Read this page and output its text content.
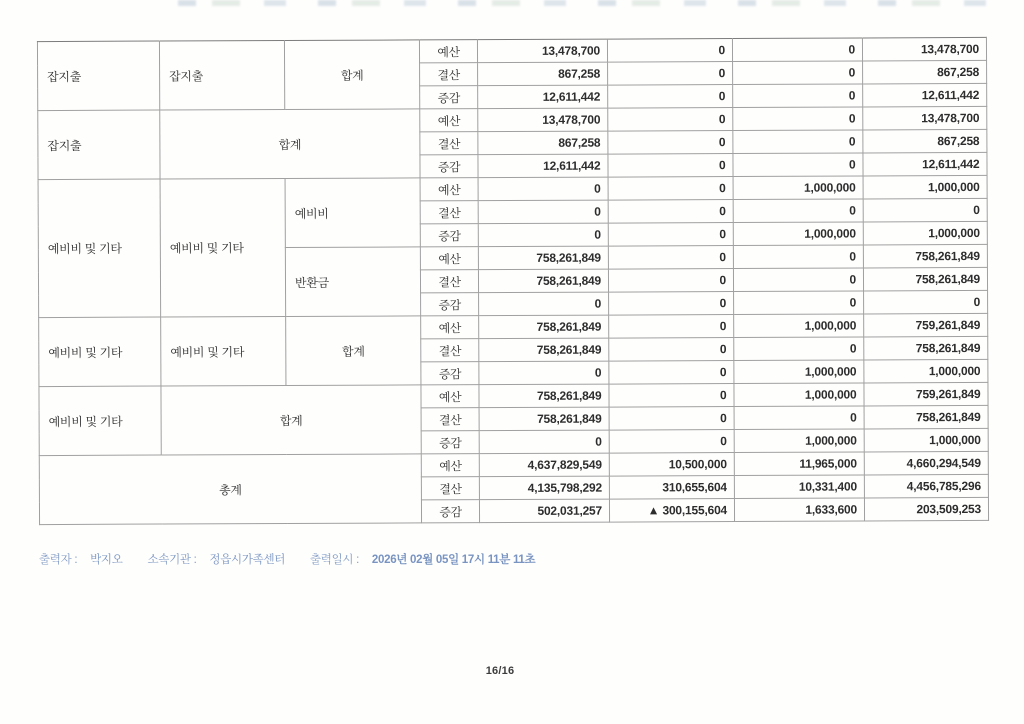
잡지출	잡지출	합계	예산	13,478,700	0	0	13,478,700
			결산	867,258	0	0	867,258
			증감	12,611,442	0	0	12,611,442
잡지출	합계		예산	13,478,700	0	0	13,478,700
			결산	867,258	0	0	867,258
			증감	12,611,442	0	0	12,611,442
예비비 및 기타	예비비 및 기타	예비비	예산	0	0	1,000,000	1,000,000
			결산	0	0	0	0
			증감	0	0	1,000,000	1,000,000
		반환금	예산	758,261,849	0	0	758,261,849
			결산	758,261,849	0	0	758,261,849
			증감	0	0	0	0
예비비 및 기타	예비비 및 기타	합계	예산	758,261,849	0	1,000,000	759,261,849
			결산	758,261,849	0	0	758,261,849
			증감	0	0	1,000,000	1,000,000
예비비 및 기타	합계		예산	758,261,849	0	1,000,000	759,261,849
			결산	758,261,849	0	0	758,261,849
			증감	0	0	1,000,000	1,000,000
총계			예산	4,637,829,549	10,500,000	11,965,000	4,660,294,549
			결산	4,135,798,292	310,655,604	10,331,400	4,456,785,296
			증감	502,031,257	▲ 300,155,604	1,633,600	203,509,253
출력자 : 박지오 소속기관 : 정읍시가족센터 출력일시 : 2026년 02월 05일 17시 11분 11초
16/16
